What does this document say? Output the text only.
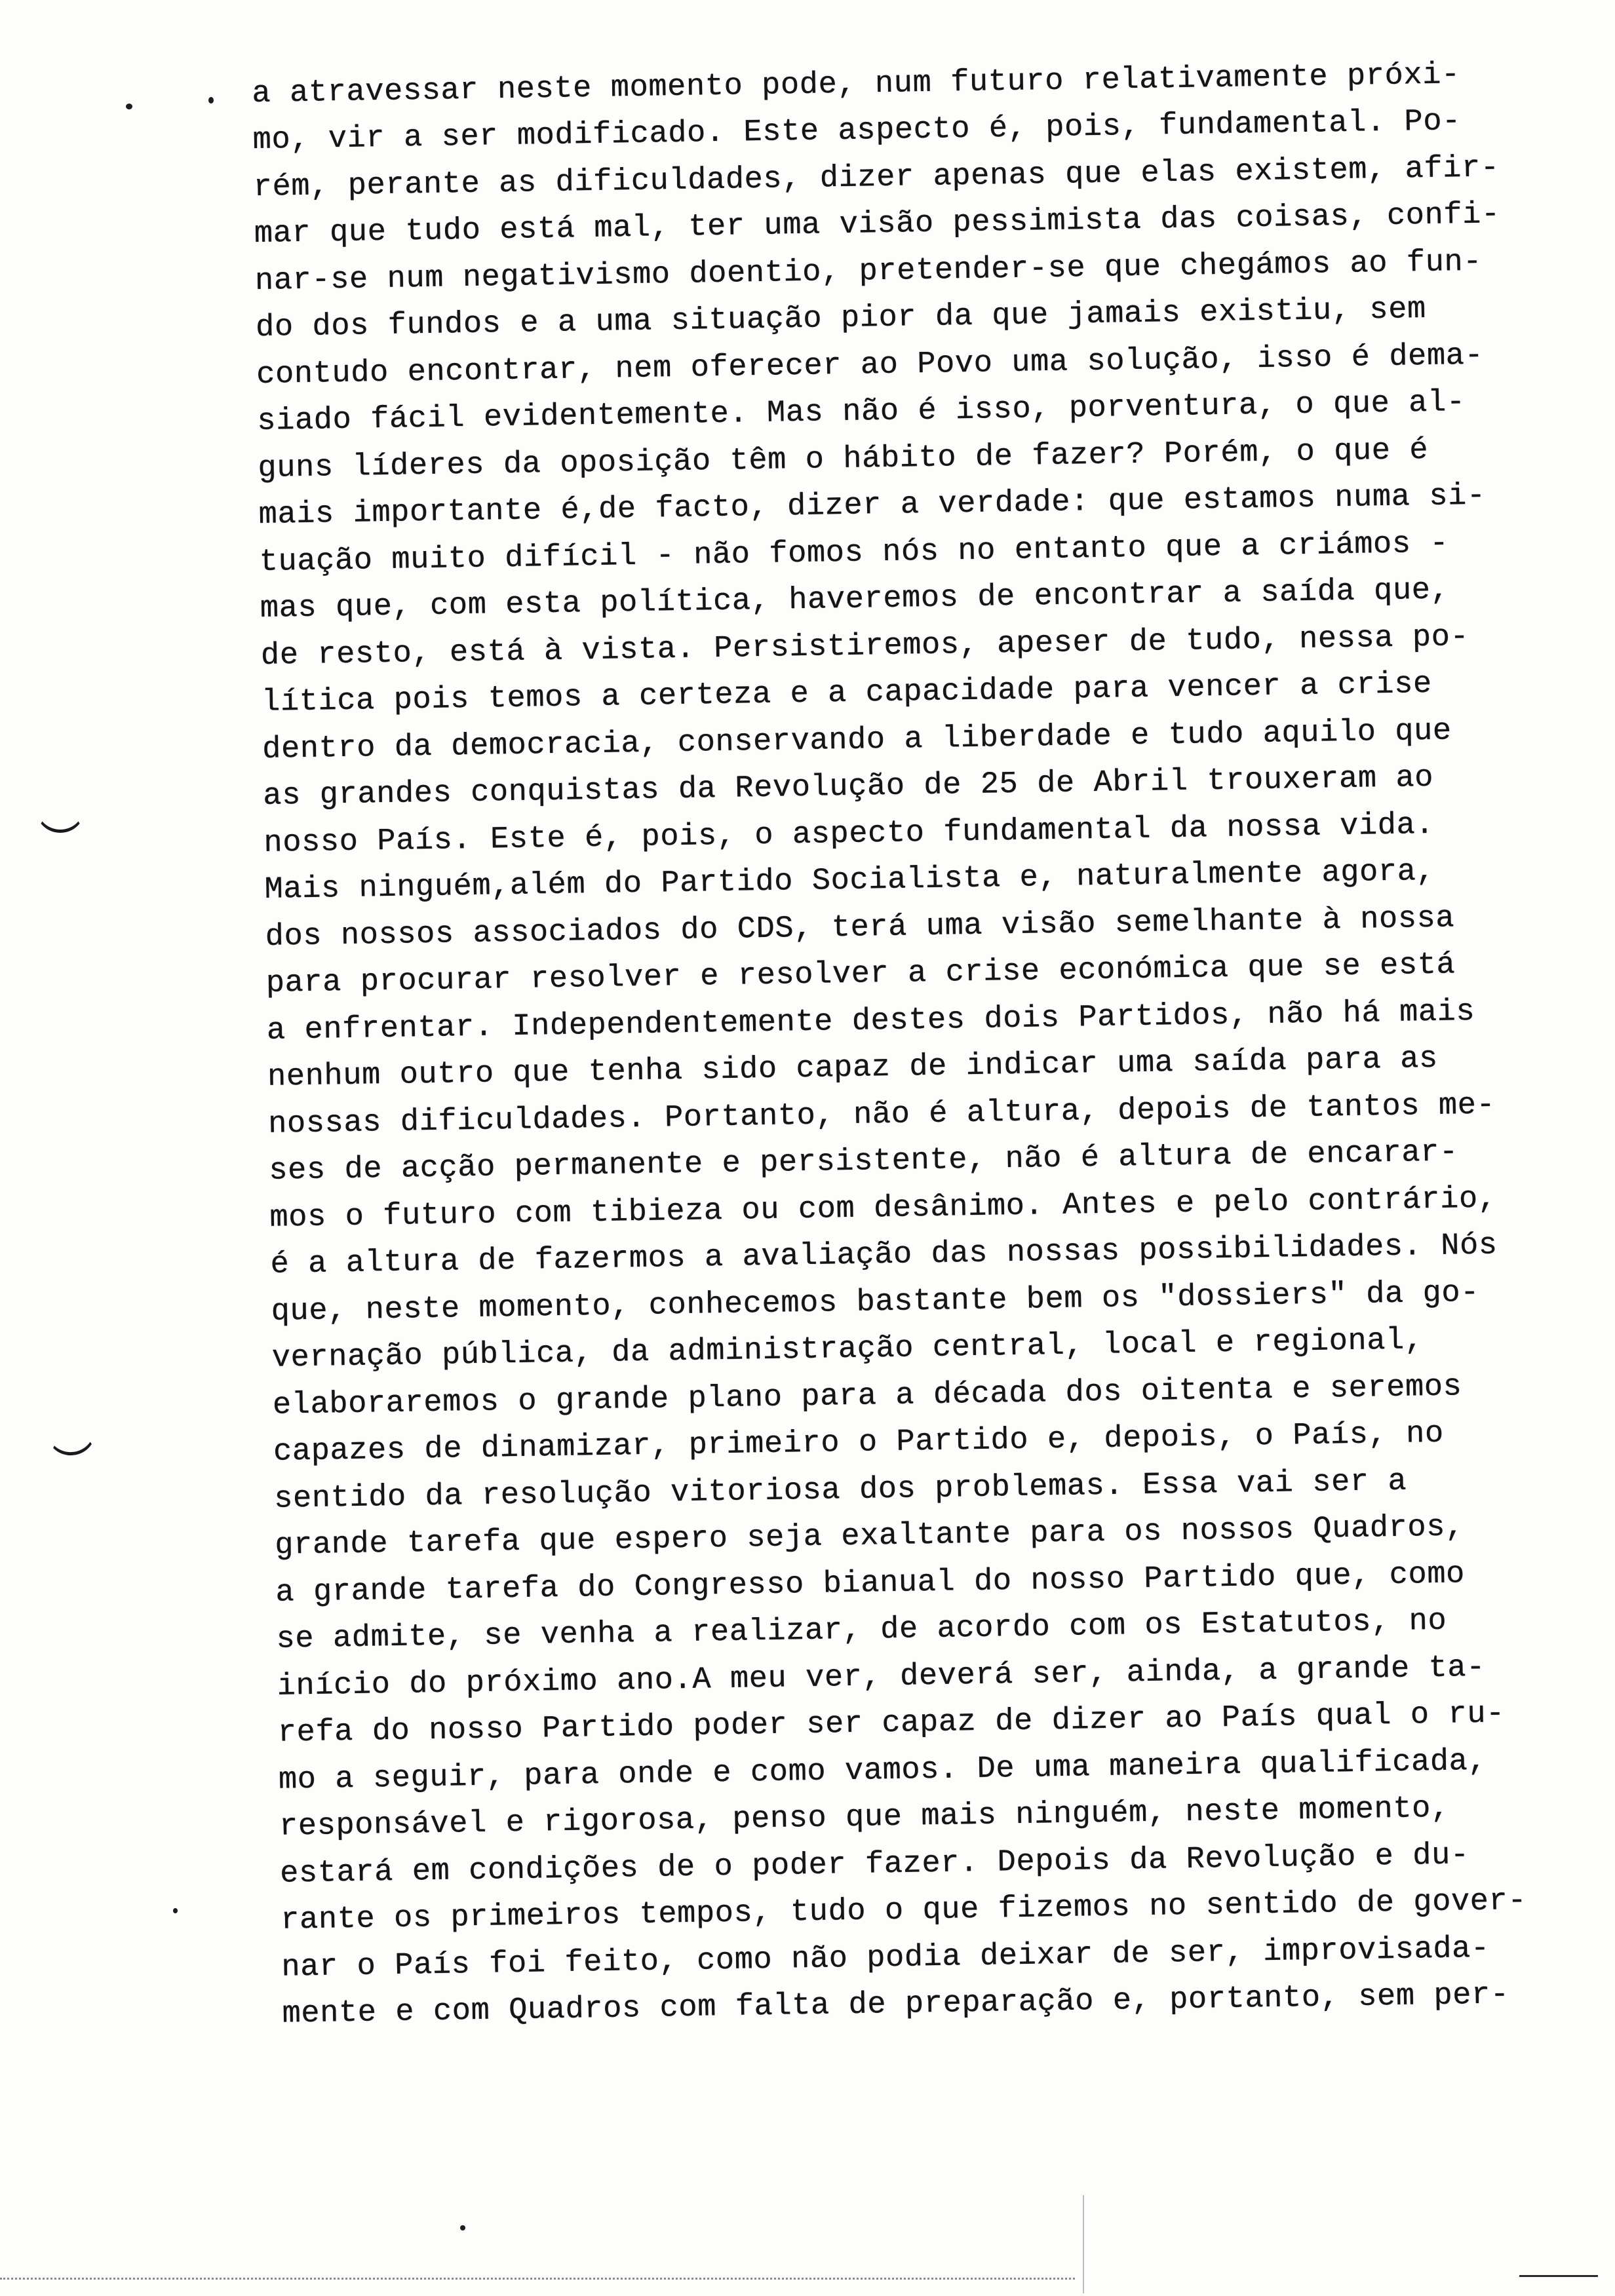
a atravessar neste momento pode, num futuro relativamente próxi-
mo, vir a ser modificado. Este aspecto é, pois, fundamental. Po-
rém, perante as dificuldades, dizer apenas que elas existem, afir-
mar que tudo está mal, ter uma visão pessimista das coisas, confi-
nar-se num negativismo doentio, pretender-se que chegámos ao fun-
do dos fundos e a uma situação pior da que jamais existiu, sem
contudo encontrar, nem oferecer ao Povo uma solução, isso é dema-
siado fácil evidentemente. Mas não é isso, porventura, o que al-
guns líderes da oposição têm o hábito de fazer? Porém, o que é
mais importante é,de facto, dizer a verdade: que estamos numa si-
tuação muito difícil - não fomos nós no entanto que a criámos -
mas que, com esta política, haveremos de encontrar a saída que,
de resto, está à vista. Persistiremos, apeser de tudo, nessa po-
lítica pois temos a certeza e a capacidade para vencer a crise
dentro da democracia, conservando a liberdade e tudo aquilo que
as grandes conquistas da Revolução de 25 de Abril trouxeram ao
nosso País. Este é, pois, o aspecto fundamental da nossa vida.
Mais ninguém,além do Partido Socialista e, naturalmente agora,
dos nossos associados do CDS, terá uma visão semelhante à nossa
para procurar resolver e resolver a crise económica que se está
a enfrentar. Independentemente destes dois Partidos, não há mais
nenhum outro que tenha sido capaz de indicar uma saída para as
nossas dificuldades. Portanto, não é altura, depois de tantos me-
ses de acção permanente e persistente, não é altura de encarar-
mos o futuro com tibieza ou com desânimo. Antes e pelo contrário,
é a altura de fazermos a avaliação das nossas possibilidades. Nós
que, neste momento, conhecemos bastante bem os "dossiers" da go-
vernação pública, da administração central, local e regional,
elaboraremos o grande plano para a década dos oitenta e seremos
capazes de dinamizar, primeiro o Partido e, depois, o País, no
sentido da resolução vitoriosa dos problemas. Essa vai ser a
grande tarefa que espero seja exaltante para os nossos Quadros,
a grande tarefa do Congresso bianual do nosso Partido que, como
se admite, se venha a realizar, de acordo com os Estatutos, no
início do próximo ano.A meu ver, deverá ser, ainda, a grande ta-
refa do nosso Partido poder ser capaz de dizer ao País qual o ru-
mo a seguir, para onde e como vamos. De uma maneira qualificada,
responsável e rigorosa, penso que mais ninguém, neste momento,
estará em condições de o poder fazer. Depois da Revolução e du-
rante os primeiros tempos, tudo o que fizemos no sentido de gover-
nar o País foi feito, como não podia deixar de ser, improvisada-
mente e com Quadros com falta de preparação e, portanto, sem per-
